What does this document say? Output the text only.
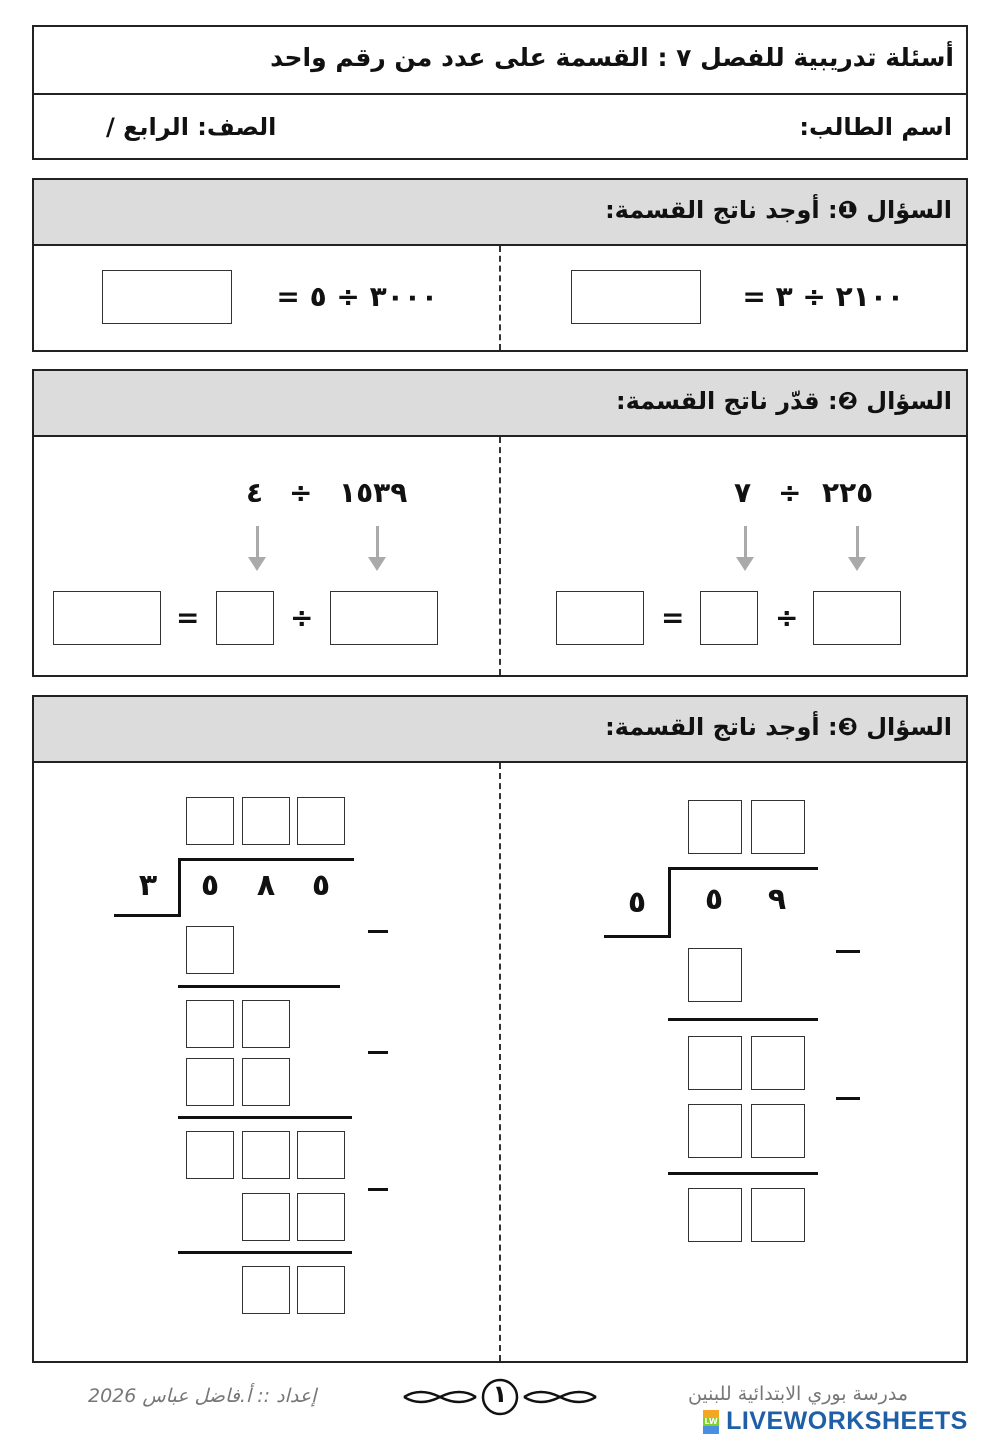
أسئلة تدريبية للفصل ٧ : القسمة على عدد من رقم واحد
اسم الطالب:
الصف: الرابع /
السؤال ❶: أوجد ناتج القسمة:
٢١٠٠ ÷ ٣ =
٣٠٠٠ ÷ ٥ =
السؤال ❷: قدّر ناتج القسمة:
٢٢٥
÷
٧
÷
=
١٥٣٩
÷
٤
÷
=
السؤال ❸: أوجد ناتج القسمة:
٥	٥	٩
٣	٥	٨	٥
إعداد :: أ.فاضل عباس 2026	١	مدرسة بوري الابتدائية للبنين
LW LIVEWORKSHEETS
